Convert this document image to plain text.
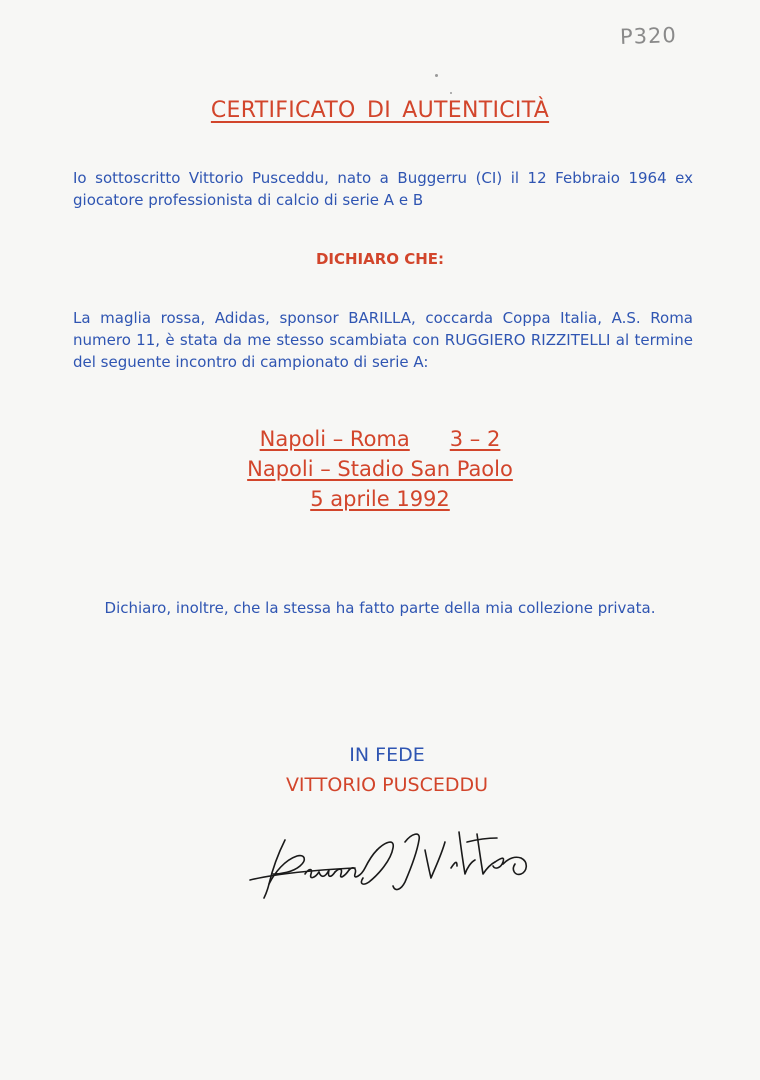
P320
CERTIFICATO DI AUTENTICITÀ
Io sottoscritto Vittorio Pusceddu, nato a Buggerru (CI) il 12 Febbraio 1964 ex giocatore professionista di calcio di serie A e B
DICHIARO CHE:
La maglia rossa, Adidas, sponsor BARILLA, coccarda Coppa Italia, A.S. Roma numero 11, è stata da me stesso scambiata con RUGGIERO RIZZITELLI al termine del seguente incontro di campionato di serie A:
Napoli – Roma 3 – 2
Napoli – Stadio San Paolo
5 aprile 1992
Dichiaro, inoltre, che la stessa ha fatto parte della mia collezione privata.
IN FEDE
VITTORIO PUSCEDDU
